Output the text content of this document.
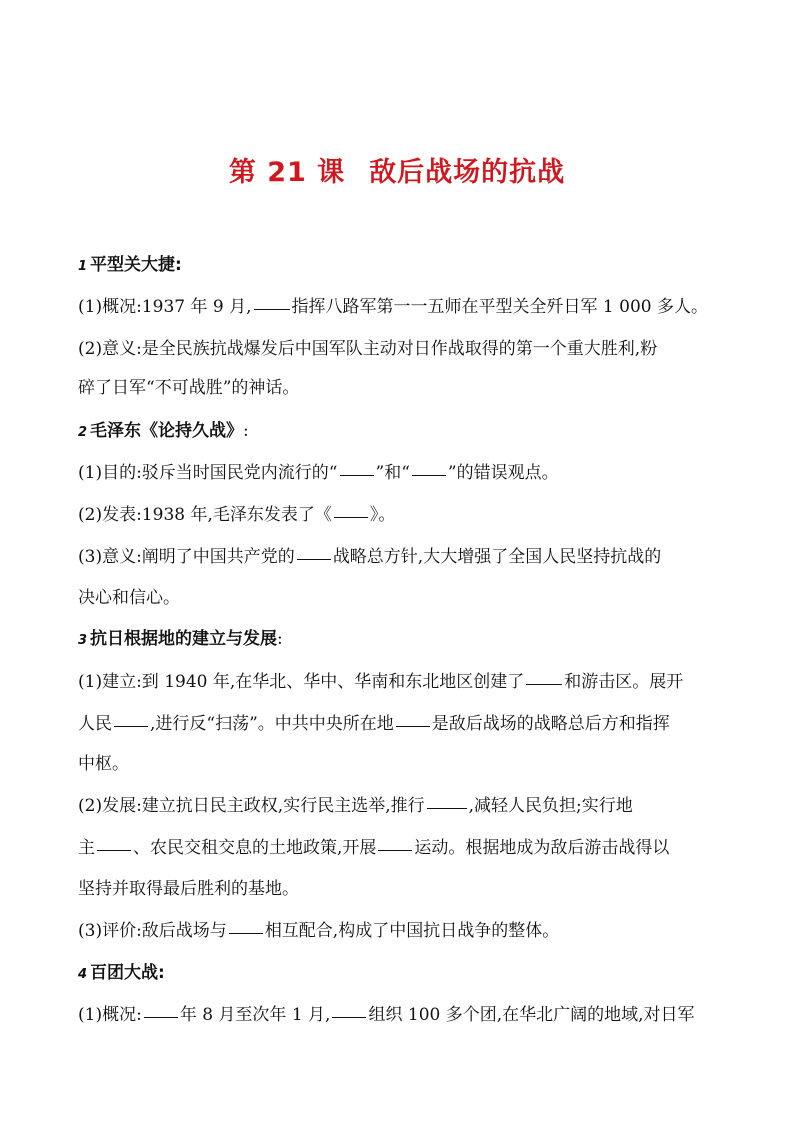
第 21 课 敌后战场的抗战
1 平型关大捷:
(1)概况:1937 年 9 月, 指挥八路军第一一五师在平型关全歼日军 1 000 多人。
(2)意义:是全民族抗战爆发后中国军队主动对日作战取得的第一个重大胜利,粉
碎了日军“不可战胜”的神话。
2 毛泽东《论持久战》:
(1)目的:驳斥当时国民党内流行的“ ”和“ ”的错误观点。
(2)发表:1938 年,毛泽东发表了《 》。
(3)意义:阐明了中国共产党的 战略总方针,大大增强了全国人民坚持抗战的
决心和信心。
3 抗日根据地的建立与发展:
(1)建立:到 1940 年,在华北、华中、华南和东北地区创建了 和游击区。展开
人民 ,进行反“扫荡”。中共中央所在地 是敌后战场的战略总后方和指挥
中枢。
(2)发展:建立抗日民主政权,实行民主选举,推行	,减轻人民负担;实行地
主 、农民交租交息的土地政策,开展 运动。根据地成为敌后游击战得以
坚持并取得最后胜利的基地。
(3)评价:敌后战场与 相互配合,构成了中国抗日战争的整体。
4 百团大战:
(1)概况: 年 8 月至次年 1 月, 组织 100 多个团,在华北广阔的地域,对日军
